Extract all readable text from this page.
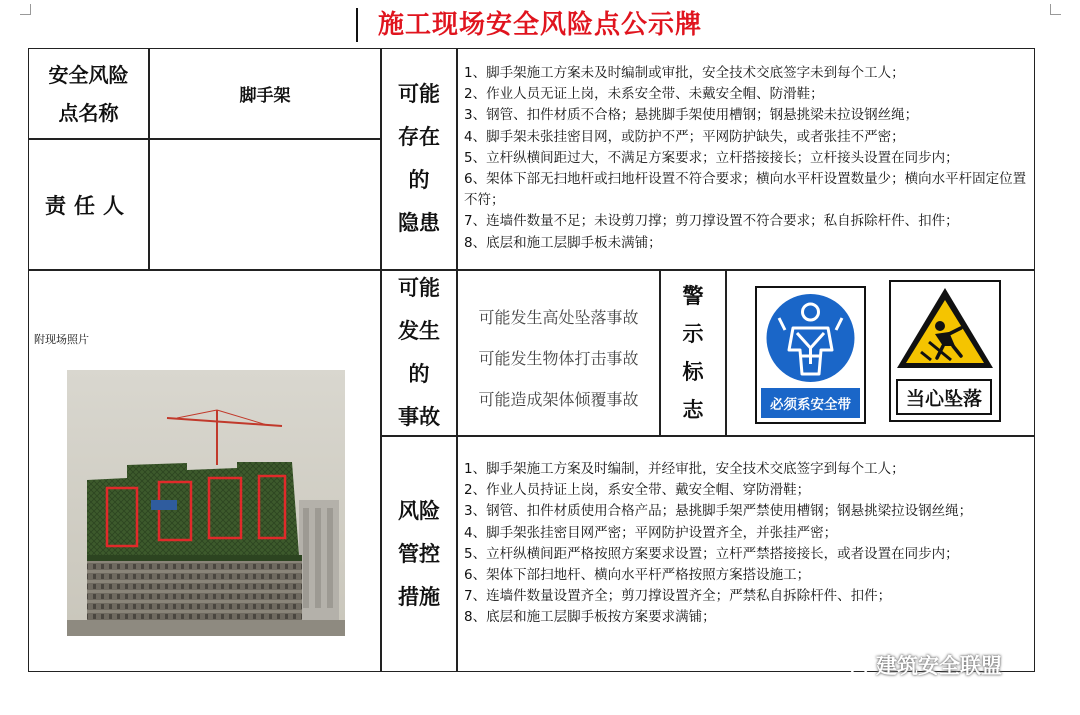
施工现场安全风险点公示牌
安全风险
点名称
脚手架
责任人
可能
存在
的
隐患
1、脚手架施工方案未及时编制或审批，安全技术交底签字未到每个工人；
2、作业人员无证上岗，未系安全带、未戴安全帽、防滑鞋；
3、钢管、扣件材质不合格；悬挑脚手架使用槽钢；钢悬挑梁未拉设钢丝绳；
4、脚手架未张挂密目网，或防护不严；平网防护缺失，或者张挂不严密；
5、立杆纵横间距过大，不满足方案要求；立杆搭接接长；立杆接头设置在同步内；
6、架体下部无扫地杆或扫地杆设置不符合要求；横向水平杆设置数量少；横向水平杆固定位置不符；
7、连墙件数量不足；未设剪刀撑；剪刀撑设置不符合要求；私自拆除杆件、扣件；
8、底层和施工层脚手板未满铺；
附现场照片
可能
发生
的
事故
可能发生高处坠落事故
可能发生物体打击事故
可能造成架体倾覆事故
警
示
标
志	必须系安全带	当心坠落
风险
管控
措施
1、脚手架施工方案及时编制，并经审批，安全技术交底签字到每个工人；
2、作业人员持证上岗，系安全带、戴安全帽、穿防滑鞋；
3、钢管、扣件材质使用合格产品；悬挑脚手架严禁使用槽钢；钢悬挑梁拉设钢丝绳；
4、脚手架张挂密目网严密；平网防护设置齐全，并张挂严密；
5、立杆纵横间距严格按照方案要求设置；立杆严禁搭接接长，或者设置在同步内；
6、架体下部扫地杆、横向水平杆严格按照方案搭设施工；
7、连墙件数量设置齐全；剪刀撑设置齐全；严禁私自拆除杆件、扣件；
8、底层和施工层脚手板按方案要求满铺；
建筑安全联盟
